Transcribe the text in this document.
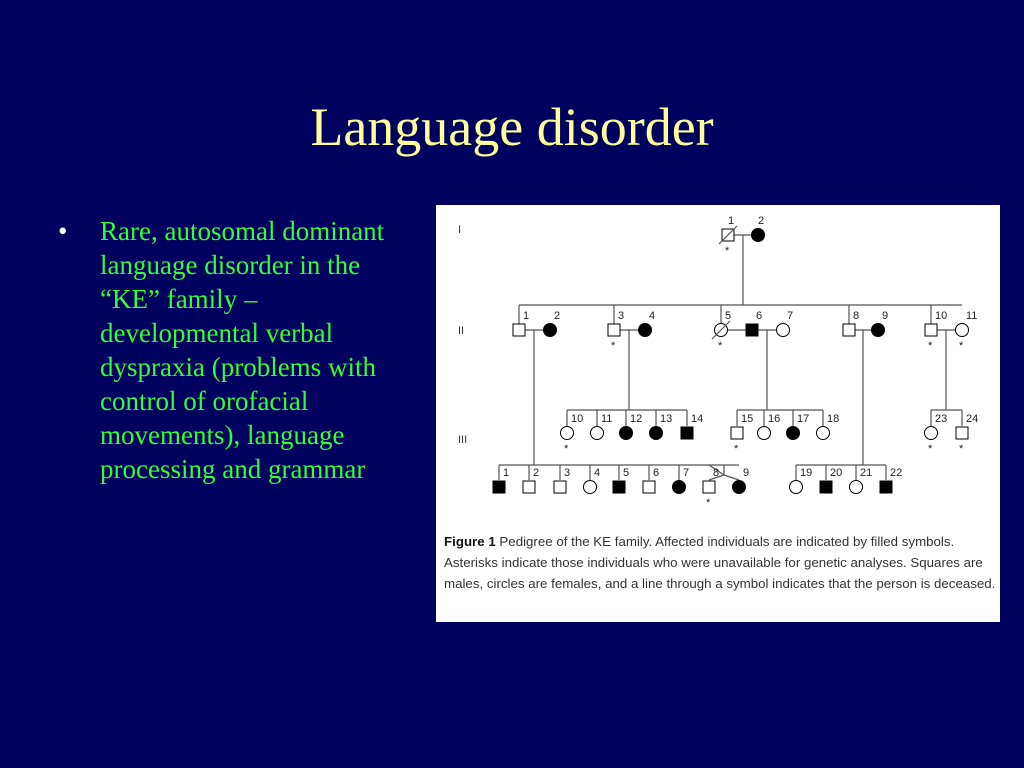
Language disorder
• Rare, autosomal dominant language disorder in the “KE” family – developmental verbal dyspraxia (problems with control of orofacial movements), language processing and grammar
I
II
III
1
*
2
1 2	3
*
4	5
*
6 7	8 9	10
*
11
*
10
*
11 12 13 14	15
*
16 17 18	23
*
24
*
1 2 3 4 5 6 7 8
*
9	19 20 21 22
Figure 1 Pedigree of the KE family. Affected individuals are indicated by filled symbols. Asterisks indicate those individuals who were unavailable for genetic analyses. Squares are males, circles are females, and a line through a symbol indicates that the person is deceased.
